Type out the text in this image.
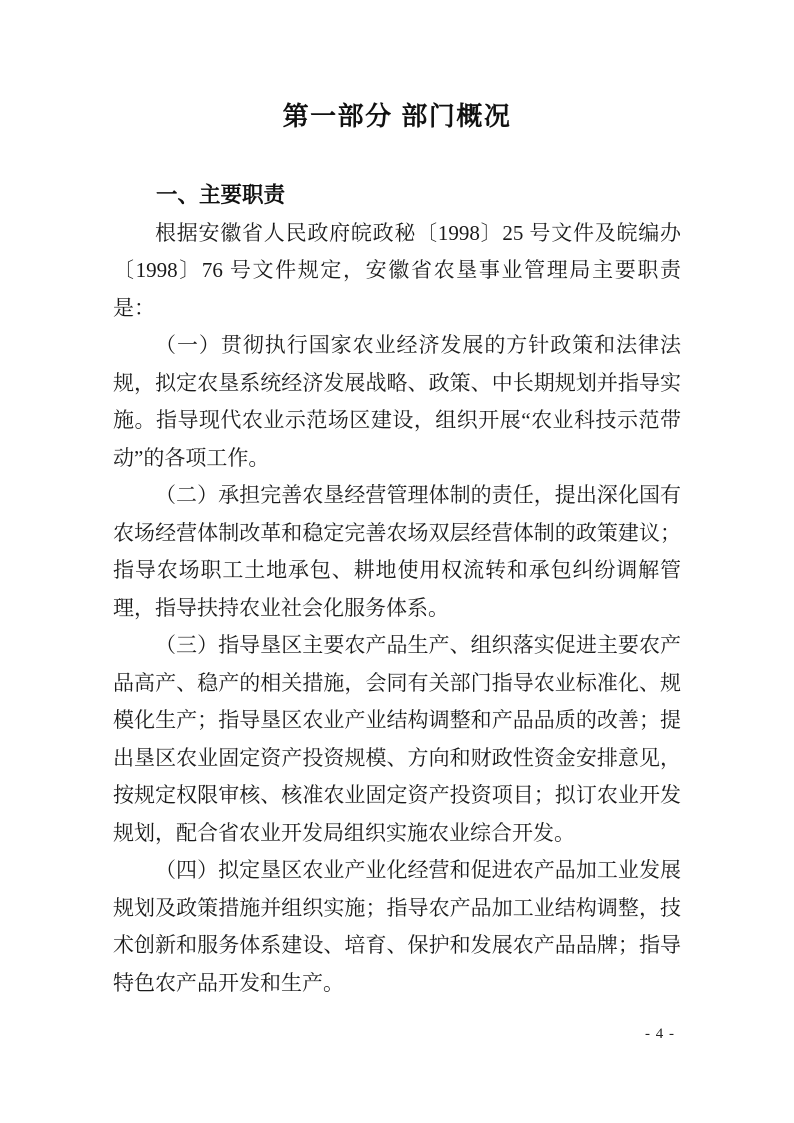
第一部分 部门概况
一、主要职责

根据安徽省人民政府皖政秘〔1998〕25 号文件及皖编办〔1998〕76 号文件规定，安徽省农垦事业管理局主要职责是：

（一）贯彻执行国家农业经济发展的方针政策和法律法规，拟定农垦系统经济发展战略、政策、中长期规划并指导实施。指导现代农业示范场区建设，组织开展“农业科技示范带动”的各项工作。

（二）承担完善农垦经营管理体制的责任，提出深化国有农场经营体制改革和稳定完善农场双层经营体制的政策建议；指导农场职工土地承包、耕地使用权流转和承包纠纷调解管理，指导扶持农业社会化服务体系。

（三）指导垦区主要农产品生产、组织落实促进主要农产品高产、稳产的相关措施，会同有关部门指导农业标准化、规模化生产；指导垦区农业产业结构调整和产品品质的改善；提出垦区农业固定资产投资规模、方向和财政性资金安排意见，按规定权限审核、核准农业固定资产投资项目；拟订农业开发规划，配合省农业开发局组织实施农业综合开发。

（四）拟定垦区农业产业化经营和促进农产品加工业发展规划及政策措施并组织实施；指导农产品加工业结构调整，技术创新和服务体系建设、培育、保护和发展农产品品牌；指导特色农产品开发和生产。

- 4 -
